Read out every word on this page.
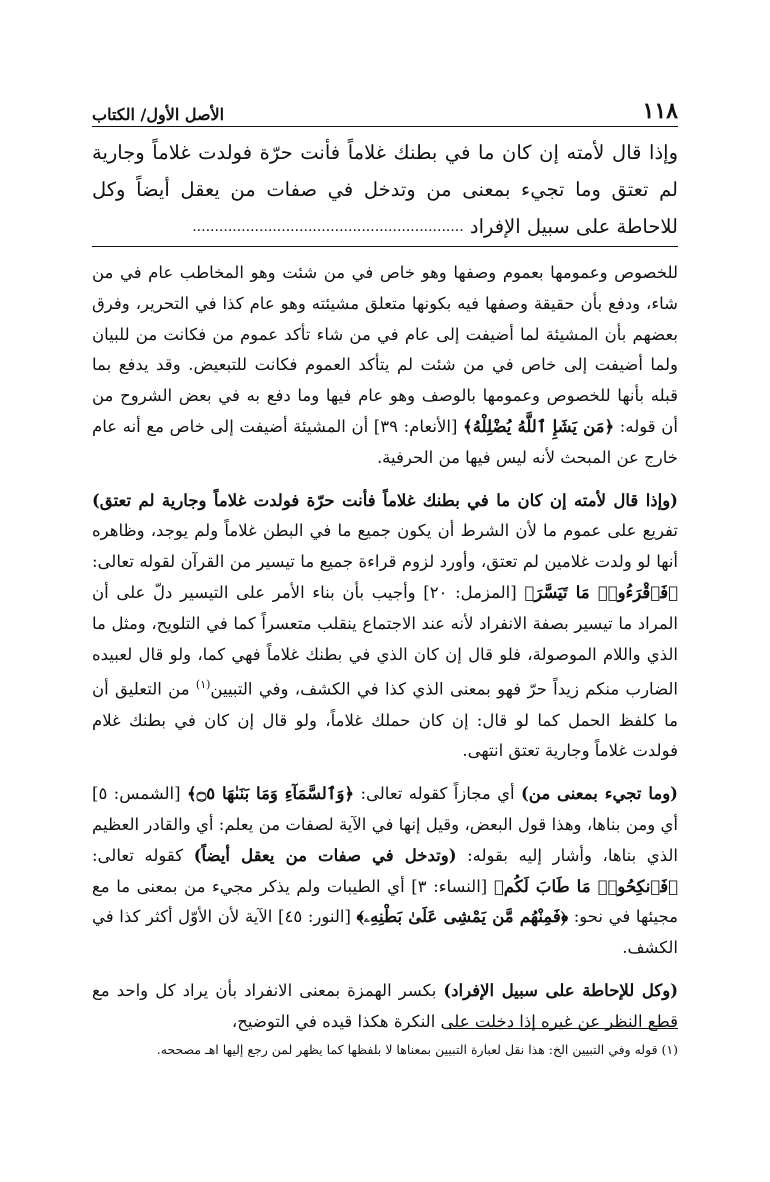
١١٨
الأصل الأول/ الكتاب
وإذا قال لأمته إن كان ما في بطنك غلاماً فأنت حرّة فولدت غلاماً وجارية لم تعتق وما تجيء بمعنى من وتدخل في صفات من يعقل أيضاً وكل للاحاطة على سبيل الإفراد .............................................................

للخصوص وعمومها بعموم وصفها وهو خاص في من شئت وهو المخاطب عام في من شاء، ودفع بأن حقيقة وصفها فيه بكونها متعلق مشيئته وهو عام كذا في التحرير، وفرق بعضهم بأن المشيئة لما أضيفت إلى عام في من شاء تأكد عموم من فكانت من للبيان ولما أضيفت إلى خاص في من شئت لم يتأكد العموم فكانت للتبعيض. وقد يدفع بما قبله بأنها للخصوص وعمومها بالوصف وهو عام فيها وما دفع به في بعض الشروح من أن قوله: ﴿مَن يَشَإِ ٱللَّهُ يُضْلِلْهُ﴾ [الأنعام: ٣٩] أن المشيئة أضيفت إلى خاص مع أنه عام خارج عن المبحث لأنه ليس فيها من الحرفية.

(وإذا قال لأمته إن كان ما في بطنك غلاماً فأنت حرّة فولدت غلاماً وجارية لم تعتق) تفريع على عموم ما لأن الشرط أن يكون جميع ما في البطن غلاماً ولم يوجد، وظاهره أنها لو ولدت غلامين لم تعتق، وأورد لزوم قراءة جميع ما تيسير من القرآن لقوله تعالى: ﴿فَٱقْرَءُوا۟ مَا تَيَسَّرَ﴾ [المزمل: ٢٠] وأجيب بأن بناء الأمر على التيسير دلّ على أن المراد ما تيسير بصفة الانفراد لأنه عند الاجتماع ينقلب متعسراً كما في التلويح، ومثل ما الذي واللام الموصولة، فلو قال إن كان الذي في بطنك غلاماً فهي كما، ولو قال لعبيده الضارب منكم زيداً حرّ فهو بمعنى الذي كذا في الكشف، وفي التبيين$^{(١)}$ من التعليق أن ما كلفظ الحمل كما لو قال: إن كان حملك غلاماً، ولو قال إن كان في بطنك غلام فولدت غلاماً وجارية تعتق انتهى.

(وما تجيء بمعنى من) أي مجازاً كقوله تعالى: ﴿وَٱلسَّمَآءِ وَمَا بَنَىٰهَا ۝٥﴾ [الشمس: ٥] أي ومن بناها، وهذا قول البعض، وقيل إنها في الآية لصفات من يعلم: أي والقادر العظيم الذي بناها، وأشار إليه بقوله: (وتدخل في صفات من يعقل أيضاً) كقوله تعالى: ﴿فَٱنكِحُوا۟ مَا طَابَ لَكُم﴾ [النساء: ٣] أي الطيبات ولم يذكر مجيء من بمعنى ما مع مجيئها في نحو: ﴿فَمِنْهُم مَّن يَمْشِى عَلَىٰ بَطْنِهِۦ﴾ [النور: ٤٥] الآية لأن الأوّل أكثر كذا في الكشف.

(وكل للإحاطة على سبيل الإفراد) بكسر الهمزة بمعنى الانفراد بأن يراد كل واحد مع قطع النظر عن غيره إذا دخلت على النكرة هكذا قيده في التوضيح،

(١) قوله وفي التبيين الخ: هذا نقل لعبارة التبيين بمعناها لا بلفظها كما يظهر لمن رجع إليها اهـ مصححه.
